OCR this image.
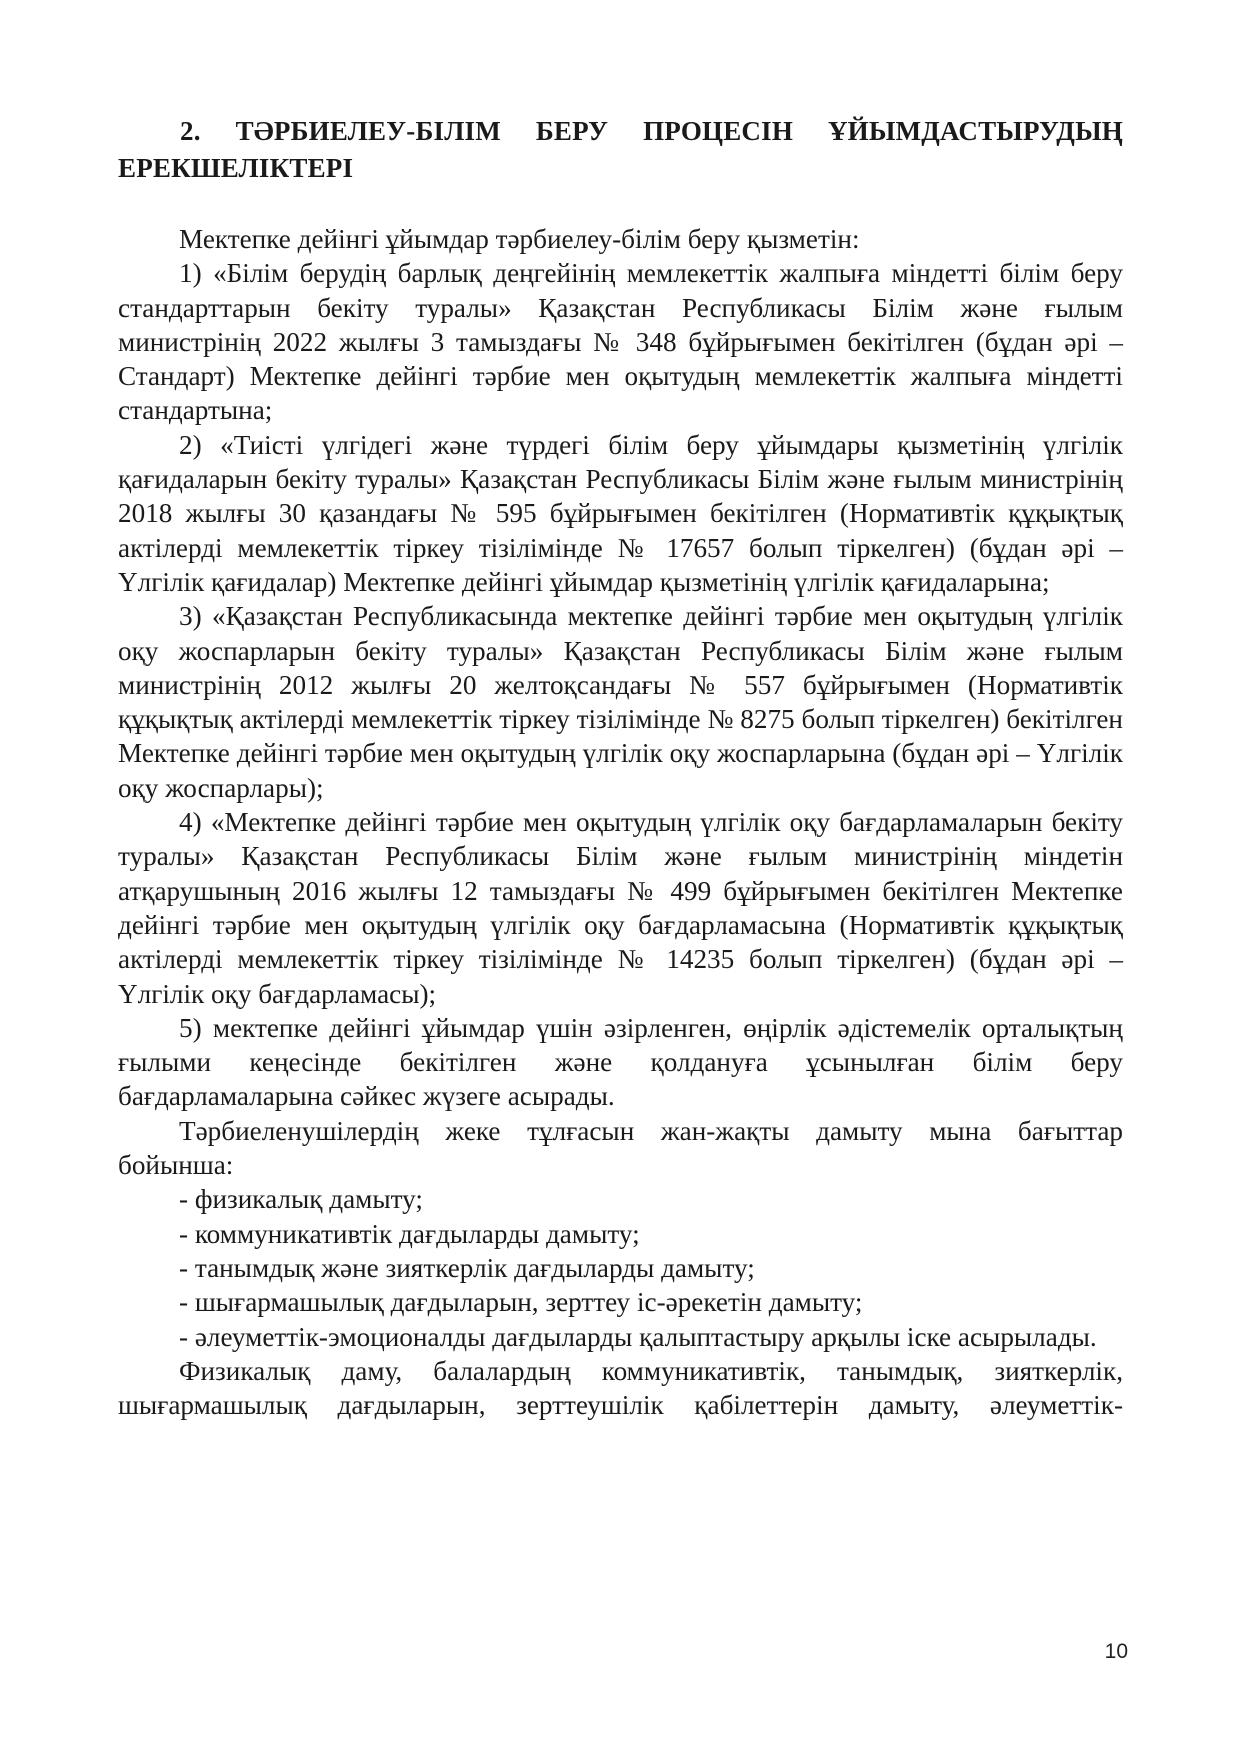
2. ТӘРБИЕЛЕУ-БІЛІМ БЕРУ ПРОЦЕСІН ҰЙЫМДАСТЫРУДЫҢ ЕРЕКШЕЛІКТЕРІ

Мектепке дейінгі ұйымдар тәрбиелеу-білім беру қызметін:

1) «Білім берудің барлық деңгейінің мемлекеттік жалпыға міндетті білім беру стандарттарын бекіту туралы» Қазақстан Республикасы Білім және ғылым министрінің 2022 жылғы 3 тамыздағы № 348 бұйрығымен бекітілген (бұдан әрі – Стандарт) Мектепке дейінгі тәрбие мен оқытудың мемлекеттік жалпыға міндетті стандартына;

2) «Тиісті үлгідегі және түрдегі білім беру ұйымдары қызметінің үлгілік қағидаларын бекіту туралы» Қазақстан Республикасы Білім және ғылым министрінің 2018 жылғы 30 қазандағы № 595 бұйрығымен бекітілген (Нормативтік құқықтық актілерді мемлекеттік тіркеу тізілімінде № 17657 болып тіркелген) (бұдан әрі – Үлгілік қағидалар) Мектепке дейінгі ұйымдар қызметінің үлгілік қағидаларына;

3) «Қазақстан Республикасында мектепке дейінгі тәрбие мен оқытудың үлгілік оқу жоспарларын бекіту туралы» Қазақстан Республикасы Білім және ғылым министрінің 2012 жылғы 20 желтоқсандағы № 557 бұйрығымен (Нормативтік құқықтық актілерді мемлекеттік тіркеу тізілімінде № 8275 болып тіркелген) бекітілген Мектепке дейінгі тәрбие мен оқытудың үлгілік оқу жоспарларына (бұдан әрі – Үлгілік оқу жоспарлары);

4) «Мектепке дейінгі тәрбие мен оқытудың үлгілік оқу бағдарламаларын бекіту туралы» Қазақстан Республикасы Білім және ғылым министрінің міндетін атқарушының 2016 жылғы 12 тамыздағы № 499 бұйрығымен бекітілген Мектепке дейінгі тәрбие мен оқытудың үлгілік оқу бағдарламасына (Нормативтік құқықтық актілерді мемлекеттік тіркеу тізілімінде № 14235 болып тіркелген) (бұдан әрі – Үлгілік оқу бағдарламасы);

5) мектепке дейінгі ұйымдар үшін әзірленген, өңірлік әдістемелік орталықтың ғылыми кеңесінде бекітілген және қолдануға ұсынылған білім беру бағдарламаларына сәйкес жүзеге асырады.

Тәрбиеленушілердің жеке тұлғасын жан-жақты дамыту мына бағыттар бойынша:

- физикалық дамыту;

- коммуникативтік дағдыларды дамыту;

- танымдық және зияткерлік дағдыларды дамыту;

- шығармашылық дағдыларын, зерттеу іс-әрекетін дамыту;

- әлеуметтік-эмоционалды дағдыларды қалыптастыру арқылы іске асырылады.

Физикалық даму, балалардың коммуникативтік, танымдық, зияткерлік, шығармашылық дағдыларын, зерттеушілік қабілеттерін дамыту, әлеуметтік-

10
